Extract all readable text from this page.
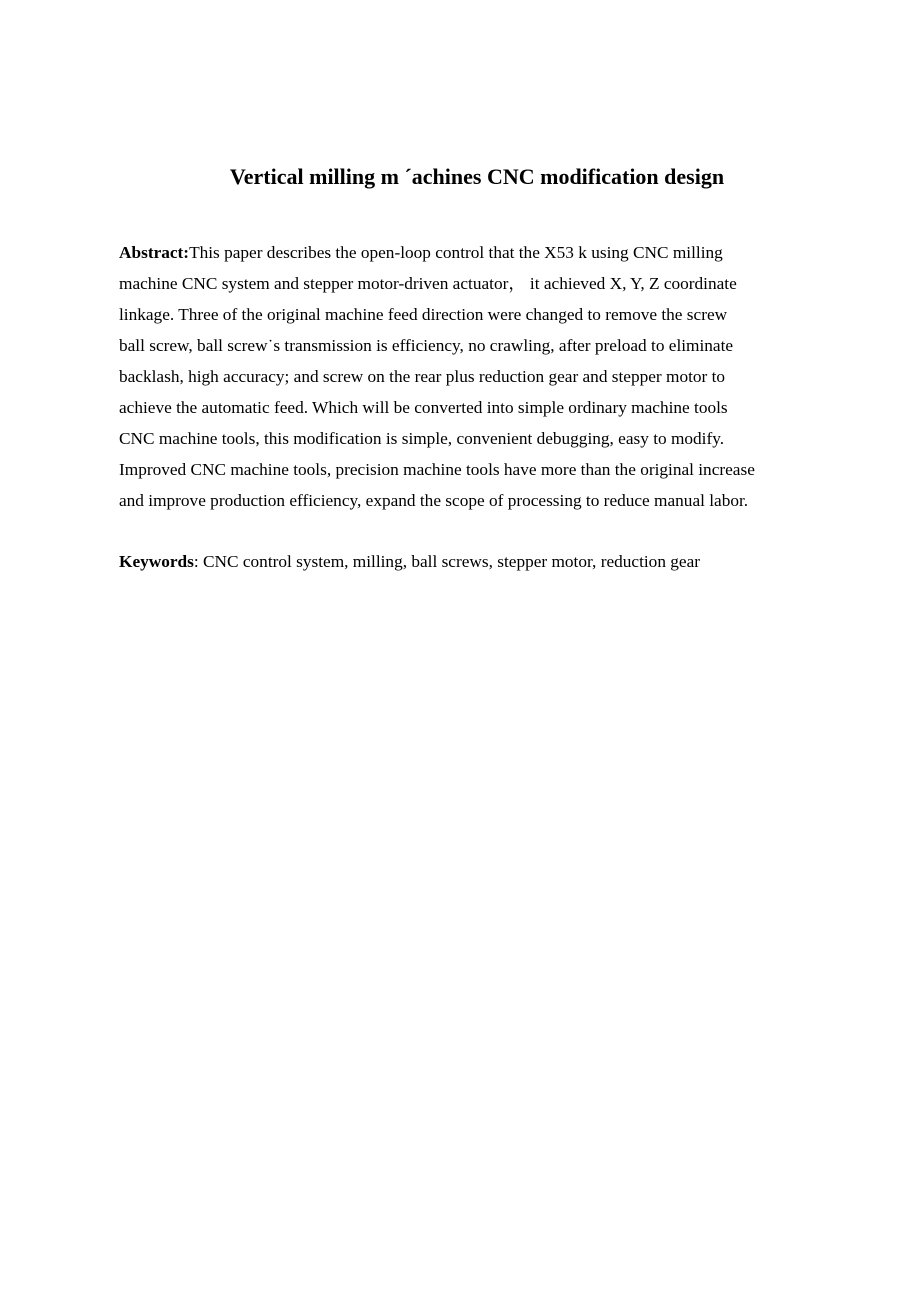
Vertical milling m ˊachines CNC modification design

Abstract:This paper describes the open-loop control that the X53 k using CNC milling
machine CNC system and stepper motor-driven actuator， it achieved X, Y, Z coordinate
linkage. Three of the original machine feed direction were changed to remove the screw
ball screw, ball screw˙s transmission is efficiency, no crawling, after preload to eliminate
backlash, high accuracy; and screw on the rear plus reduction gear and stepper motor to
achieve the automatic feed. Which will be converted into simple ordinary machine tools
CNC machine tools, this modification is simple, convenient debugging, easy to modify.
Improved CNC machine tools, precision machine tools have more than the original increase
and improve production efficiency, expand the scope of processing to reduce manual labor.

Keywords: CNC control system, milling, ball screws, stepper motor, reduction gear
